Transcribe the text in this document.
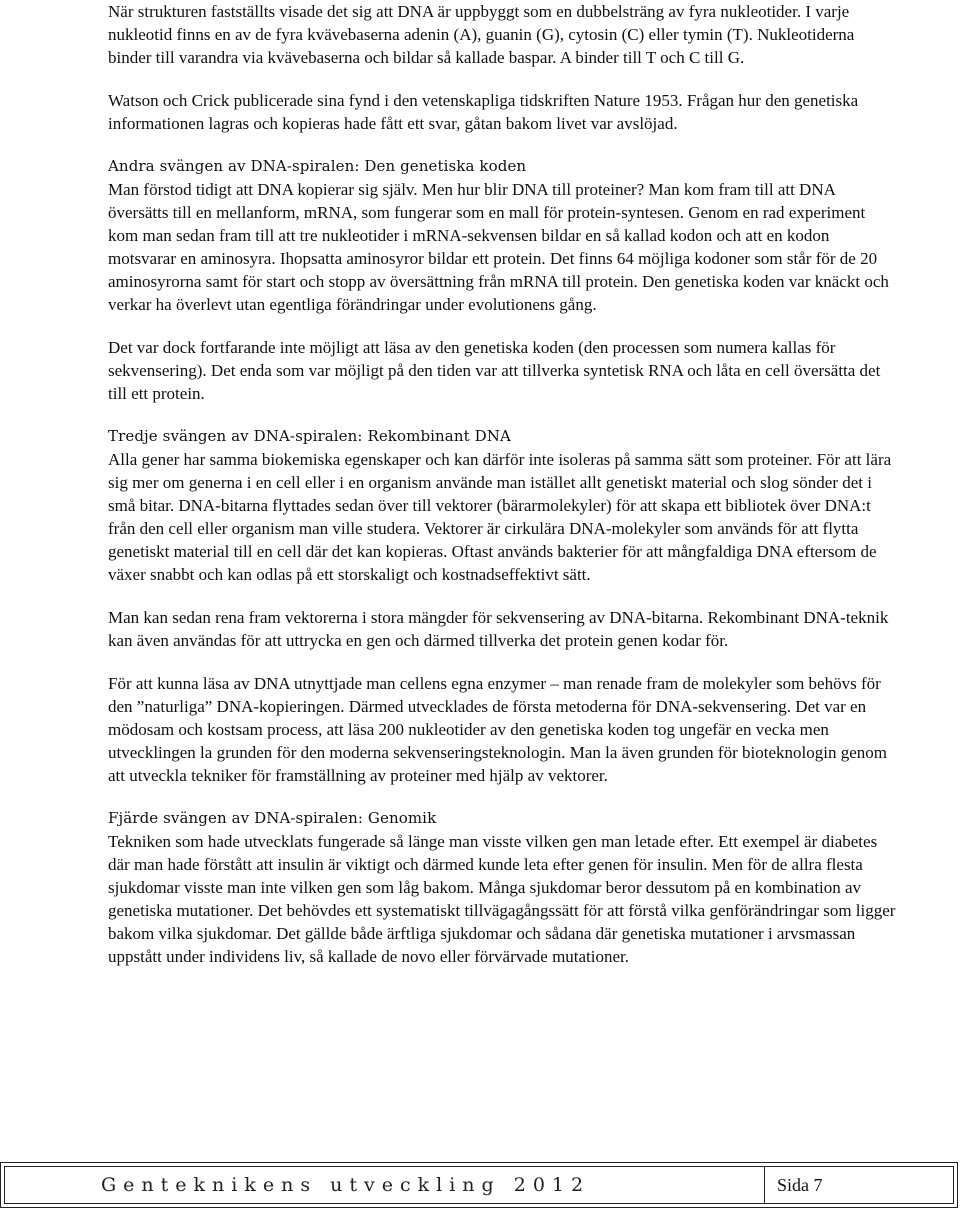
När strukturen fastställts visade det sig att DNA är uppbyggt som en dubbelsträng av fyra nukleotider. I varje nukleotid finns en av de fyra kvävebaserna adenin (A), guanin (G), cytosin (C) eller tymin (T). Nukleotiderna binder till varandra via kvävebaserna och bildar så kallade baspar. A binder till T och C till G.

Watson och Crick publicerade sina fynd i den vetenskapliga tidskriften Nature 1953. Frågan hur den genetiska informationen lagras och kopieras hade fått ett svar, gåtan bakom livet var avslöjad.

Andra svängen av DNA-spiralen: Den genetiska koden

Man förstod tidigt att DNA kopierar sig själv. Men hur blir DNA till proteiner? Man kom fram till att DNA översätts till en mellanform, mRNA, som fungerar som en mall för protein-syntesen. Genom en rad experiment kom man sedan fram till att tre nukleotider i mRNA-sekvensen bildar en så kallad kodon och att en kodon motsvarar en aminosyra. Ihopsatta aminosyror bildar ett protein. Det finns 64 möjliga kodoner som står för de 20 aminosyrorna samt för start och stopp av översättning från mRNA till protein. Den genetiska koden var knäckt och verkar ha överlevt utan egentliga förändringar under evolutionens gång.

Det var dock fortfarande inte möjligt att läsa av den genetiska koden (den processen som numera kallas för sekvensering). Det enda som var möjligt på den tiden var att tillverka syntetisk RNA och låta en cell översätta det till ett protein.

Tredje svängen av DNA-spiralen: Rekombinant DNA

Alla gener har samma biokemiska egenskaper och kan därför inte isoleras på samma sätt som proteiner. För att lära sig mer om generna i en cell eller i en organism använde man istället allt genetiskt material och slog sönder det i små bitar. DNA-bitarna flyttades sedan över till vektorer (bärarmolekyler) för att skapa ett bibliotek över DNA:t från den cell eller organism man ville studera. Vektorer är cirkulära DNA-molekyler som används för att flytta genetiskt material till en cell där det kan kopieras. Oftast används bakterier för att mångfaldiga DNA eftersom de växer snabbt och kan odlas på ett storskaligt och kostnadseffektivt sätt.

Man kan sedan rena fram vektorerna i stora mängder för sekvensering av DNA-bitarna. Rekombinant DNA-teknik kan även användas för att uttrycka en gen och därmed tillverka det protein genen kodar för.

För att kunna läsa av DNA utnyttjade man cellens egna enzymer – man renade fram de molekyler som behövs för den ”naturliga” DNA-kopieringen. Därmed utvecklades de första metoderna för DNA-sekvensering. Det var en mödosam och kostsam process, att läsa 200 nukleotider av den genetiska koden tog ungefär en vecka men utvecklingen la grunden för den moderna sekvenseringsteknologin. Man la även grunden för bioteknologin genom att utveckla tekniker för framställning av proteiner med hjälp av vektorer.

Fjärde svängen av DNA-spiralen: Genomik

Tekniken som hade utvecklats fungerade så länge man visste vilken gen man letade efter. Ett exempel är diabetes där man hade förstått att insulin är viktigt och därmed kunde leta efter genen för insulin. Men för de allra flesta sjukdomar visste man inte vilken gen som låg bakom. Många sjukdomar beror dessutom på en kombination av genetiska mutationer. Det behövdes ett systematiskt tillvägagångssätt för att förstå vilka genförändringar som ligger bakom vilka sjukdomar. Det gällde både ärftliga sjukdomar och sådana där genetiska mutationer i arvsmassan uppstått under individens liv, så kallade de novo eller förvärvade mutationer.

Genteknikens utveckling 2012	Sida 7
